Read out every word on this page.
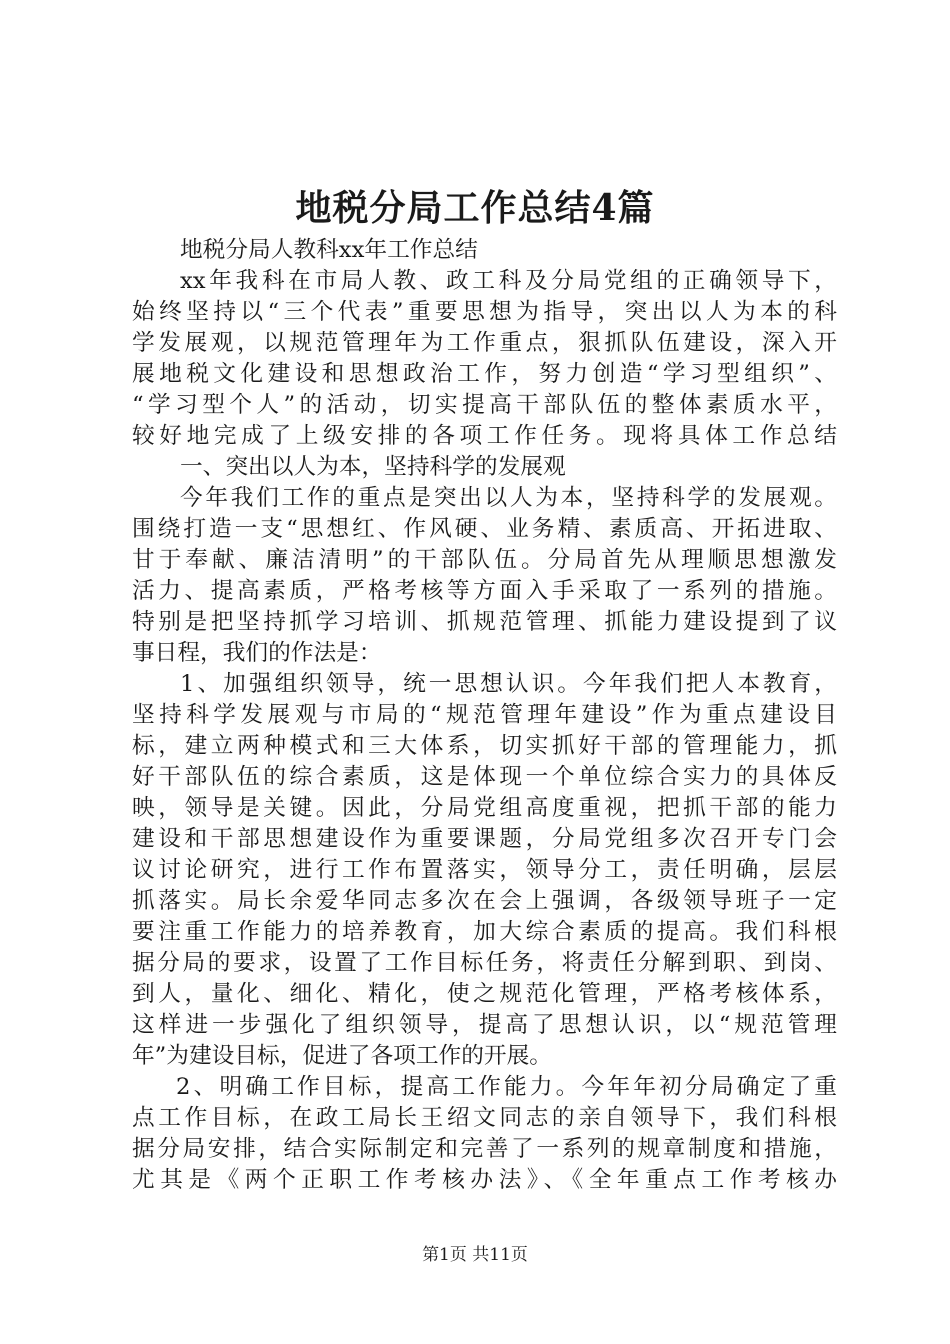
地税分局工作总结4篇
地税分局人教科xx年工作总结
xx年我科在市局人教、政工科及分局党组的正确领导下，
始终坚持以“三个代表”重要思想为指导，突出以人为本的科
学发展观，以规范管理年为工作重点，狠抓队伍建设，深入开
展地税文化建设和思想政治工作，努力创造“学习型组织”、
“学习型个人”的活动，切实提高干部队伍的整体素质水平，
较好地完成了上级安排的各项工作任务。现将具体工作总结
一、突出以人为本，坚持科学的发展观
今年我们工作的重点是突出以人为本，坚持科学的发展观。
围绕打造一支“思想红、作风硬、业务精、素质高、开拓进取、
甘于奉献、廉洁清明”的干部队伍。分局首先从理顺思想激发
活力、提高素质，严格考核等方面入手采取了一系列的措施。
特别是把坚持抓学习培训、抓规范管理、抓能力建设提到了议
事日程，我们的作法是：
1、加强组织领导，统一思想认识。今年我们把人本教育，
坚持科学发展观与市局的“规范管理年建设”作为重点建设目
标，建立两种模式和三大体系，切实抓好干部的管理能力，抓
好干部队伍的综合素质，这是体现一个单位综合实力的具体反
映，领导是关键。因此，分局党组高度重视，把抓干部的能力
建设和干部思想建设作为重要课题，分局党组多次召开专门会
议讨论研究，进行工作布置落实，领导分工，责任明确，层层
抓落实。局长余爱华同志多次在会上强调，各级领导班子一定
要注重工作能力的培养教育，加大综合素质的提高。我们科根
据分局的要求，设置了工作目标任务，将责任分解到职、到岗、
到人，量化、细化、精化，使之规范化管理，严格考核体系，
这样进一步强化了组织领导，提高了思想认识，以“规范管理
年”为建设目标，促进了各项工作的开展。
2、明确工作目标，提高工作能力。今年年初分局确定了重
点工作目标，在政工局长王绍文同志的亲自领导下，我们科根
据分局安排，结合实际制定和完善了一系列的规章制度和措施，
尤其是《两个正职工作考核办法》、《全年重点工作考核办
第1页 共11页
